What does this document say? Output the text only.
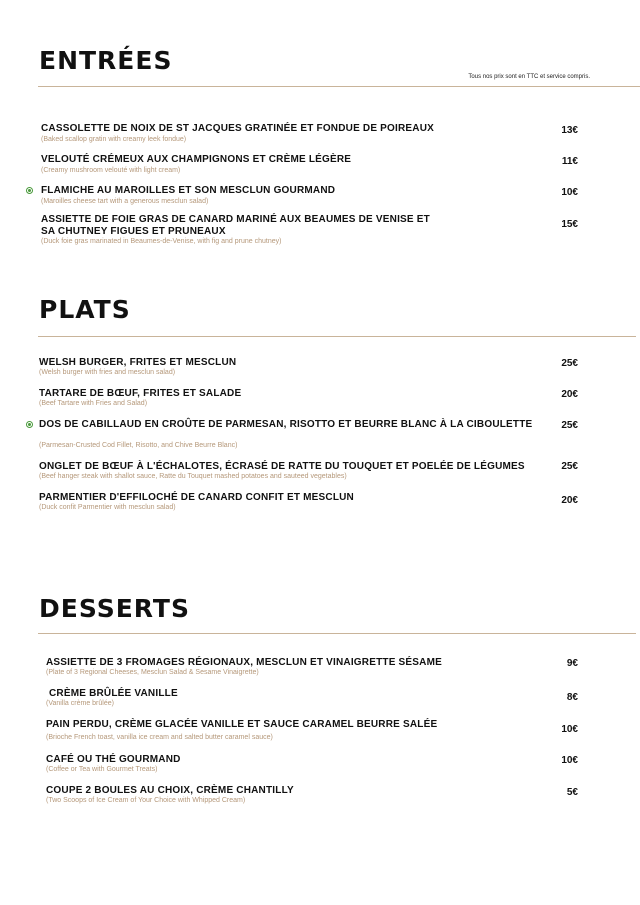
ENTRÉES
Tous nos prix sont en TTC et service compris.

CASSOLETTE DE NOIX DE ST JACQUES GRATINÉE ET FONDUE DE POIREAUX

(Baked scallop gratin with creamy leek fondue)

13€

VELOUTÉ CRÉMEUX AUX CHAMPIGNONS ET CRÈME LÉGÈRE

(Creamy mushroom velouté with light cream)

11€

FLAMICHE AU MAROILLES ET SON MESCLUN GOURMAND

(Maroilles cheese tart with a generous mesclun salad)

10€

ASSIETTE DE FOIE GRAS DE CANARD MARINÉ AUX BEAUMES DE VENISE ET SA CHUTNEY FIGUES ET PRUNEAUX

(Duck foie gras marinated in Beaumes-de-Venise, with fig and prune chutney)

15€
PLATS

WELSH BURGER, FRITES ET MESCLUN

(Welsh burger with fries and mesclun salad)

25€

TARTARE DE BŒUF, FRITES ET SALADE

(Beef Tartare with Fries and Salad)

20€

DOS DE CABILLAUD EN CROÛTE DE PARMESAN, RISOTTO ET BEURRE BLANC À LA CIBOULETTE

(Parmesan-Crusted Cod Fillet, Risotto, and Chive Beurre Blanc)

25€

ONGLET DE BŒUF À L'ÉCHALOTES, ÉCRASÉ DE RATTE DU TOUQUET ET POELÉE DE LÉGUMES

(Beef hanger steak with shallot sauce, Ratte du Touquet mashed potatoes and sauteed vegetables)

25€

PARMENTIER D'EFFILOCHÉ DE CANARD CONFIT ET MESCLUN

(Duck confit Parmentier with mesclun salad)

20€
DESSERTS

ASSIETTE DE 3 FROMAGES RÉGIONAUX, MESCLUN ET VINAIGRETTE SÉSAME

(Plate of 3 Regional Cheeses, Mesclun Salad & Sesame Vinaigrette)

9€

CRÈME BRÛLÉE VANILLE

(Vanilla crème brûlée)

8€

PAIN PERDU, CRÈME GLACÉE VANILLE ET SAUCE CARAMEL BEURRE SALÉE

(Brioche French toast, vanilla ice cream and salted butter caramel sauce)

10€

CAFÉ OU THÉ GOURMAND

(Coffee or Tea with Gourmet Treats)

10€

COUPE 2 BOULES AU CHOIX, CRÈME CHANTILLY

(Two Scoops of Ice Cream of Your Choice with Whipped Cream)

5€
